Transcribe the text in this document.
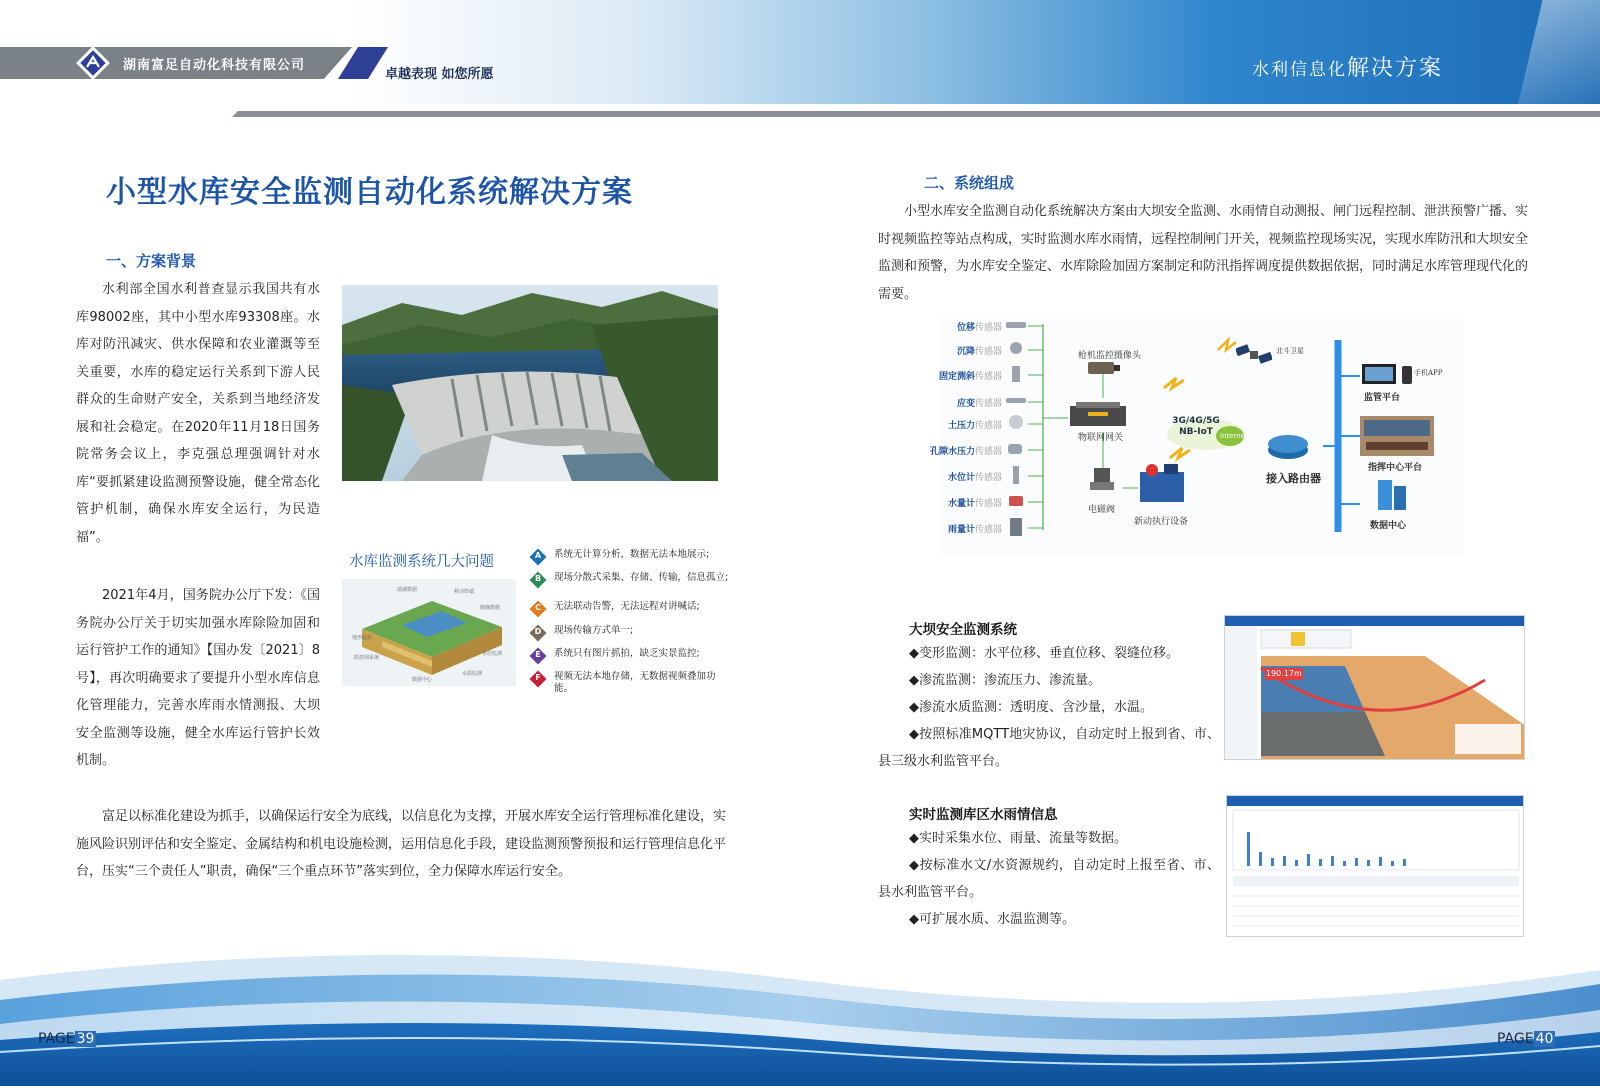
湖南富足自动化科技有限公司
卓越表现 如您所愿	水利信息化解决方案
小型水库安全监测自动化系统解决方案
一、方案背景
水利部全国水利普查显示我国共有水库98002座，其中小型水库93308座。水库对防汛减灾、供水保障和农业灌溉等至关重要，水库的稳定运行关系到下游人民群众的生命财产安全，关系到当地经济发展和社会稳定。在2020年11月18日国务院常务会议上，李克强总理强调针对水库“要抓紧建设监测预警设施，健全常态化管护机制，确保水库安全运行，为民造福”。
2021年4月，国务院办公厅下发：《国务院办公厅关于切实加强水库除险加固和运行管护工作的通知》【国办发〔2021〕8号】，再次明确要求了要提升小型水库信息化管理能力，完善水库雨水情测报、大坝安全监测等设施，健全水库运行管护长效机制。
富足以标准化建设为抓手，以确保运行安全为底线，以信息化为支撑，开展水库安全运行管理标准化建设，实施风险识别评估和安全鉴定、金属结构和机电设施检测，运用信息化手段，建设监测预警预报和运行管理信息化平台，压实“三个责任人”职责，确保“三个重点环节”落实到位，全力保障水库运行安全。
水库监测系统几大问题
遥感数据	移动终端
地形起伏
精确数据
防溃坝系统
水位监测
数据中心
水质监测
A	系统无计算分析，数据无法本地展示;
B	现场分散式采集、存储、传输，信息孤立;
C	无法联动告警，无法远程对讲喊话;
D	现场传输方式单一;
E	系统只有图片抓拍，缺乏实景监控;
F	视频无法本地存储，无数据视频叠加功能。
二、系统组成
小型水库安全监测自动化系统解决方案由大坝安全监测、水雨情自动测报、闸门远程控制、泄洪预警广播、实时视频监控等站点构成，实时监测水库水雨情，远程控制闸门开关，视频监控现场实况，实现水库防汛和大坝安全监测和预警，为水库安全鉴定、水库除险加固方案制定和防汛指挥调度提供数据依据，同时满足水库管理现代化的需要。
位移传感器
沉降传感器
固定测斜传感器
应变传感器
土压力传感器
孔隙水压力传感器
水位计传感器
水量计传感器
雨量计传感器
枪机监控摄像头
物联网网关
电磁阀
新动执行设备
3G/4G/5G NB-IoT	Internet
北斗卫星
接入路由器
监管平台
手机APP
指挥中心平台
数据中心
大坝安全监测系统
◆变形监测：水平位移、垂直位移、裂缝位移。
◆渗流监测：渗流压力、渗流量。
◆渗流水质监测：透明度、含沙量，水温。
◆按照标准MQTT地灾协议，自动定时上报到省、市、县三级水利监管平台。
190.17m
实时监测库区水雨情信息
◆实时采集水位、雨量、流量等数据。
◆按标准水文/水资源规约，自动定时上报至省、市、县水利监管平台。
◆可扩展水质、水温监测等。
PAGE 39	PAGE 40
